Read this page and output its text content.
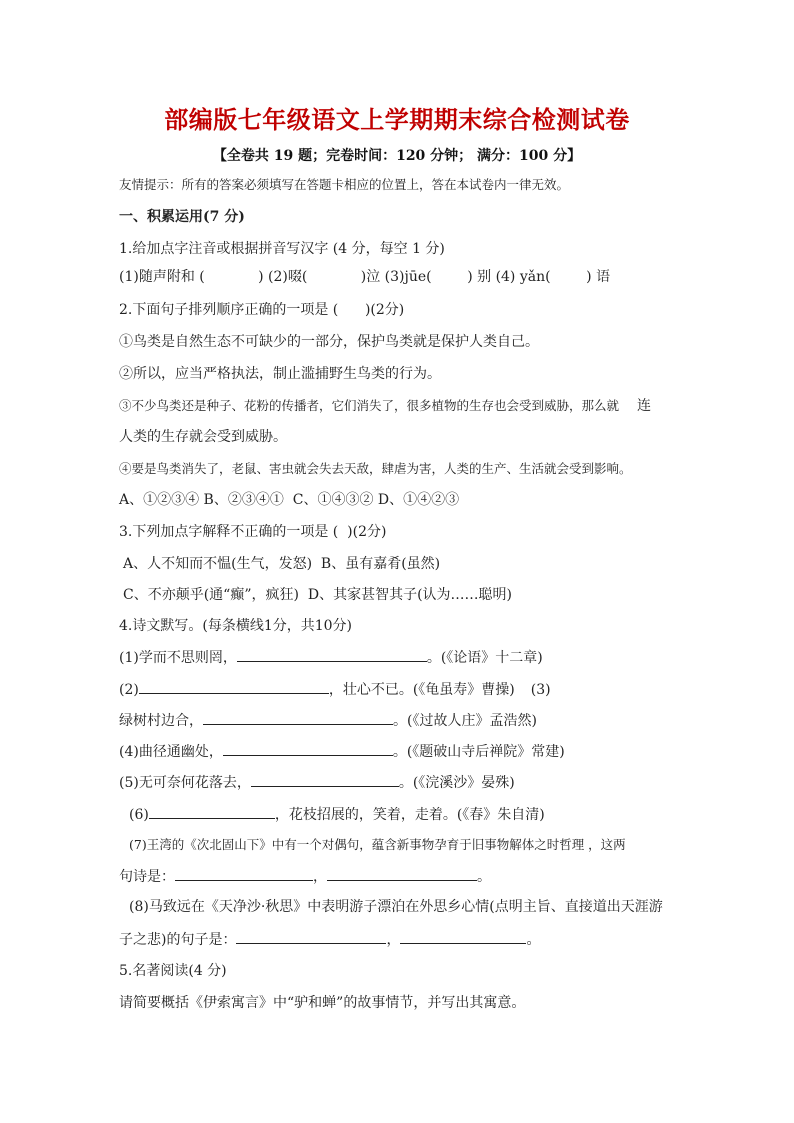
部编版七年级语文上学期期末综合检测试卷
【全卷共 19 题；完卷时间：120 分钟； 满分：100 分】
友情提示：所有的答案必须填写在答题卡相应的位置上，答在本试卷内一律无效。
一、积累运用(7 分)
1.给加点字注音或根据拼音写汉字 (4 分，每空 1 分)
(1)随声附和 (            ) (2)啜(            )泣 (3)jūe(        ) 别 (4) yǎn(        ) 语
2.下面句子排列顺序正确的一项是 (      )(2分)
①鸟类是自然生态不可缺少的一部分，保护鸟类就是保护人类自己。
②所以，应当严格执法，制止滥捕野生鸟类的行为。
③不少鸟类还是种子、花粉的传播者，它们消失了，很多植物的生存也会受到威胁，那么就 连
人类的生存就会受到威胁。
④要是鸟类消失了，老鼠、害虫就会失去天敌，肆虐为害，人类的生产、生活就会受到影响。
A、①②③④ B、②③④①  C、①④③② D、①④②③
3.下列加点字解释不正确的一项是 (  )(2分)
A、人不知而不愠(生气，发怒)  B、虽有嘉肴(虽然)
C、不亦颠乎(通“癫”，疯狂)  D、其家甚智其子(认为……聪明)
4.诗文默写。(每条横线1分，共10分)
(1)学而不思则罔，	。(《论语》十二章)
(2)	，壮心不已。(《龟虽寿》曹操) (3)
绿树村边合，	。(《过故人庄》孟浩然)
(4)曲径通幽处，	。(《题破山寺后禅院》常建)
(5)无可奈何花落去，	。(《浣溪沙》晏殊)
(6)	，花枝招展的，笑着，走着。(《春》朱自清)
(7)王湾的《次北固山下》中有一个对偶句，蕴含新事物孕育于旧事物解体之时哲理 ，这两
句诗是：	，	。
(8)马致远在《天净沙·秋思》中表明游子漂泊在外思乡心情(点明主旨、直接道出天涯游
子之悲)的句子是：	，	。
5.名著阅读(4 分)
请简要概括《伊索寓言》中“驴和蝉”的故事情节，并写出其寓意。
